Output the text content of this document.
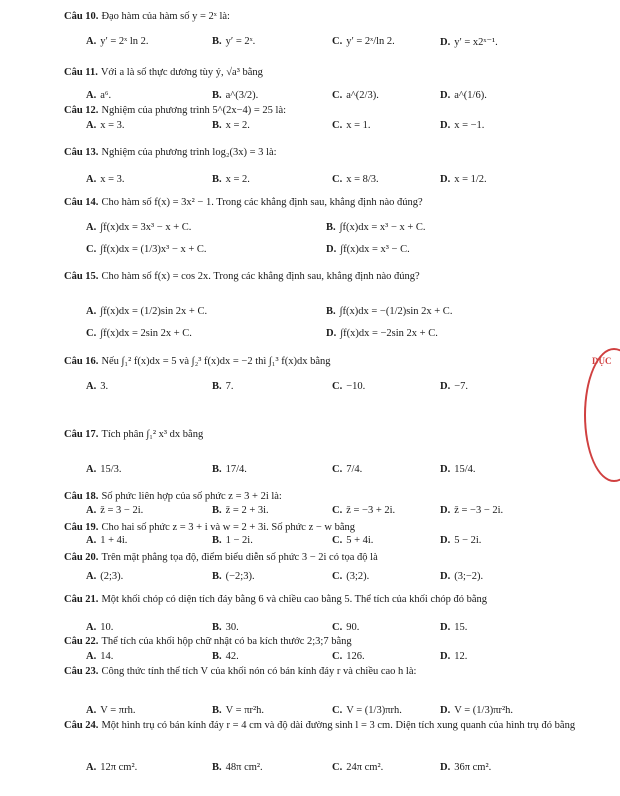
Câu 10. Đạo hàm của hàm số y = 2ˣ là:
A. y′ = 2ˣ ln 2.	B. y′ = 2ˣ.	C. y′ = 2ˣ/ln 2.	D. y′ = x2ˣ⁻¹.
Câu 11. Với a là số thực dương tùy ý, √a³ bằng
A. a⁶.	B. a^(3/2).	C. a^(2/3).	D. a^(1/6).
Câu 12. Nghiệm của phương trình 5^(2x−4) = 25 là:
A. x = 3.	B. x = 2.	C. x = 1.	D. x = −1.
Câu 13. Nghiệm của phương trình log₂(3x) = 3 là:
A. x = 3.	B. x = 2.	C. x = 8/3.	D. x = 1/2.
Câu 14. Cho hàm số f(x) = 3x² − 1. Trong các khẳng định sau, khẳng định nào đúng?
A. ∫f(x)dx = 3x³ − x + C.	B. ∫f(x)dx = x³ − x + C.
C. ∫f(x)dx = (1/3)x³ − x + C.	D. ∫f(x)dx = x³ − C.
Câu 15. Cho hàm số f(x) = cos 2x. Trong các khẳng định sau, khẳng định nào đúng?
A. ∫f(x)dx = (1/2)sin 2x + C.	B. ∫f(x)dx = −(1/2)sin 2x + C.
C. ∫f(x)dx = 2sin 2x + C.	D. ∫f(x)dx = −2sin 2x + C.
Câu 16. Nếu ∫₁² f(x)dx = 5 và ∫₂³ f(x)dx = −2 thì ∫₁³ f(x)dx bằng
A. 3.	B. 7.	C. −10.	D. −7.
Câu 17. Tích phân ∫₁² x³ dx bằng
A. 15/3.	B. 17/4.	C. 7/4.	D. 15/4.
Câu 18. Số phức liên hợp của số phức z = 3 + 2i là:
A. z̄ = 3 − 2i.	B. z̄ = 2 + 3i.	C. z̄ = −3 + 2i.	D. z̄ = −3 − 2i.
Câu 19. Cho hai số phức z = 3 + i và w = 2 + 3i. Số phức z − w bằng
A. 1 + 4i.	B. 1 − 2i.	C. 5 + 4i.	D. 5 − 2i.
Câu 20. Trên mặt phẳng tọa độ, điểm biểu diễn số phức 3 − 2i có tọa độ là
A. (2;3).	B. (−2;3).	C. (3;2).	D. (3;−2).
Câu 21. Một khối chóp có diện tích đáy bằng 6 và chiều cao bằng 5. Thể tích của khối chóp đó bằng
A. 10.	B. 30.	C. 90.	D. 15.
Câu 22. Thể tích của khối hộp chữ nhật có ba kích thước 2;3;7 bằng
A. 14.	B. 42.	C. 126.	D. 12.
Câu 23. Công thức tính thể tích V của khối nón có bán kính đáy r và chiều cao h là:
A. V = πrh.	B. V = πr²h.	C. V = (1/3)πrh.	D. V = (1/3)πr²h.
Câu 24. Một hình trụ có bán kính đáy r = 4 cm và độ dài đường sinh l = 3 cm. Diện tích xung quanh của hình trụ đó bằng
A. 12π cm².	B. 48π cm².	C. 24π cm².	D. 36π cm².
DỤC
